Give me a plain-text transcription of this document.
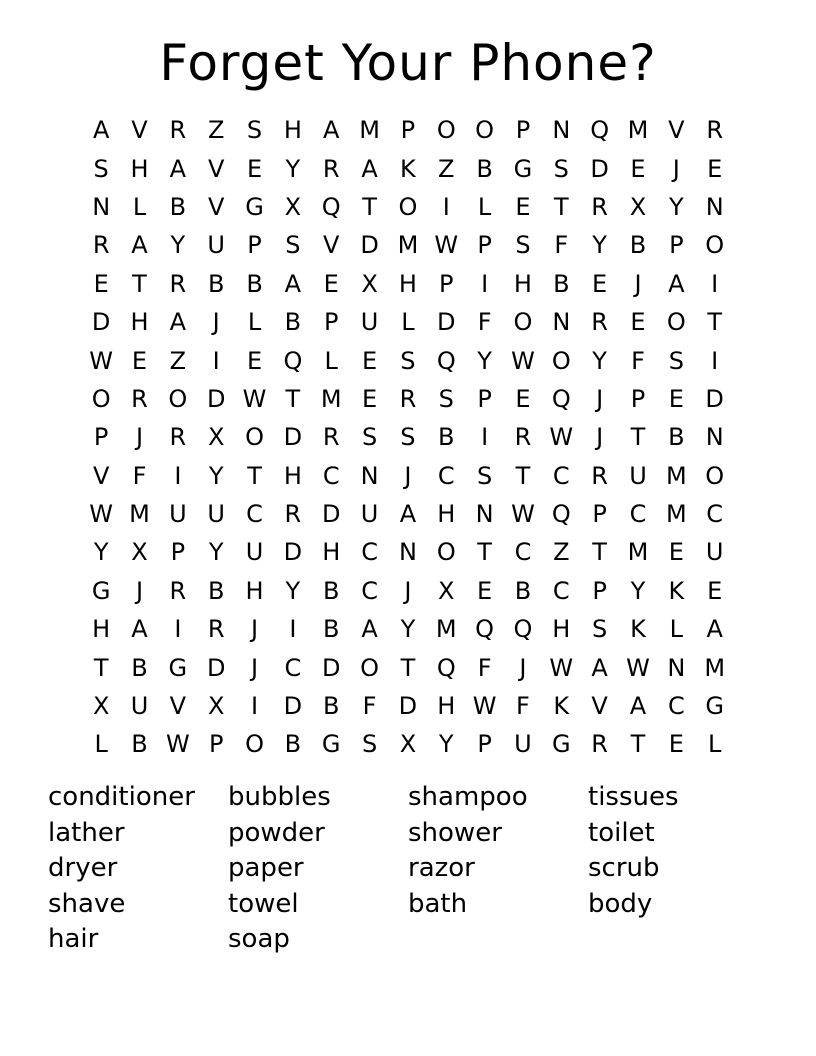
Forget Your Phone?
A V R Z S H A M P O O P N Q M V R
S H A V E Y R A K Z B G S D E	J	E
N L B V G X Q T O	I	L	E T R X Y N
R A Y U P S V D M W P S F	Y B P O
E T R B B A E X H P	I	H B E	J	A	I
D H A	J	L B P U L D F O N R E O T
W E Z	I	E Q L	E S Q Y W O Y	F S	I
O R O D W T M E R S P E Q	J	P E D
P	J	R X O D R S S B	I	R W J	T B N
V F	I	Y T H C N	J	C S T C R U M O
W M U U C R D U A H N W Q P C M C
Y X P Y U D H C N O T C Z T M E U
G	J	R B H Y B C	J	X E B C P Y K E
H A	I	R	J	I	B A Y M Q Q H S K L A
T B G D	J	C D O T Q F	J W A W N M
X U V X	I	D B F D H W F K V A C G
L B W P O B G S X Y P U G R T E	L
conditioner
lather
dryer
shave
hair
bubbles
powder
paper
towel
soap
shampoo
shower
razor
bath
tissues
toilet
scrub
body
